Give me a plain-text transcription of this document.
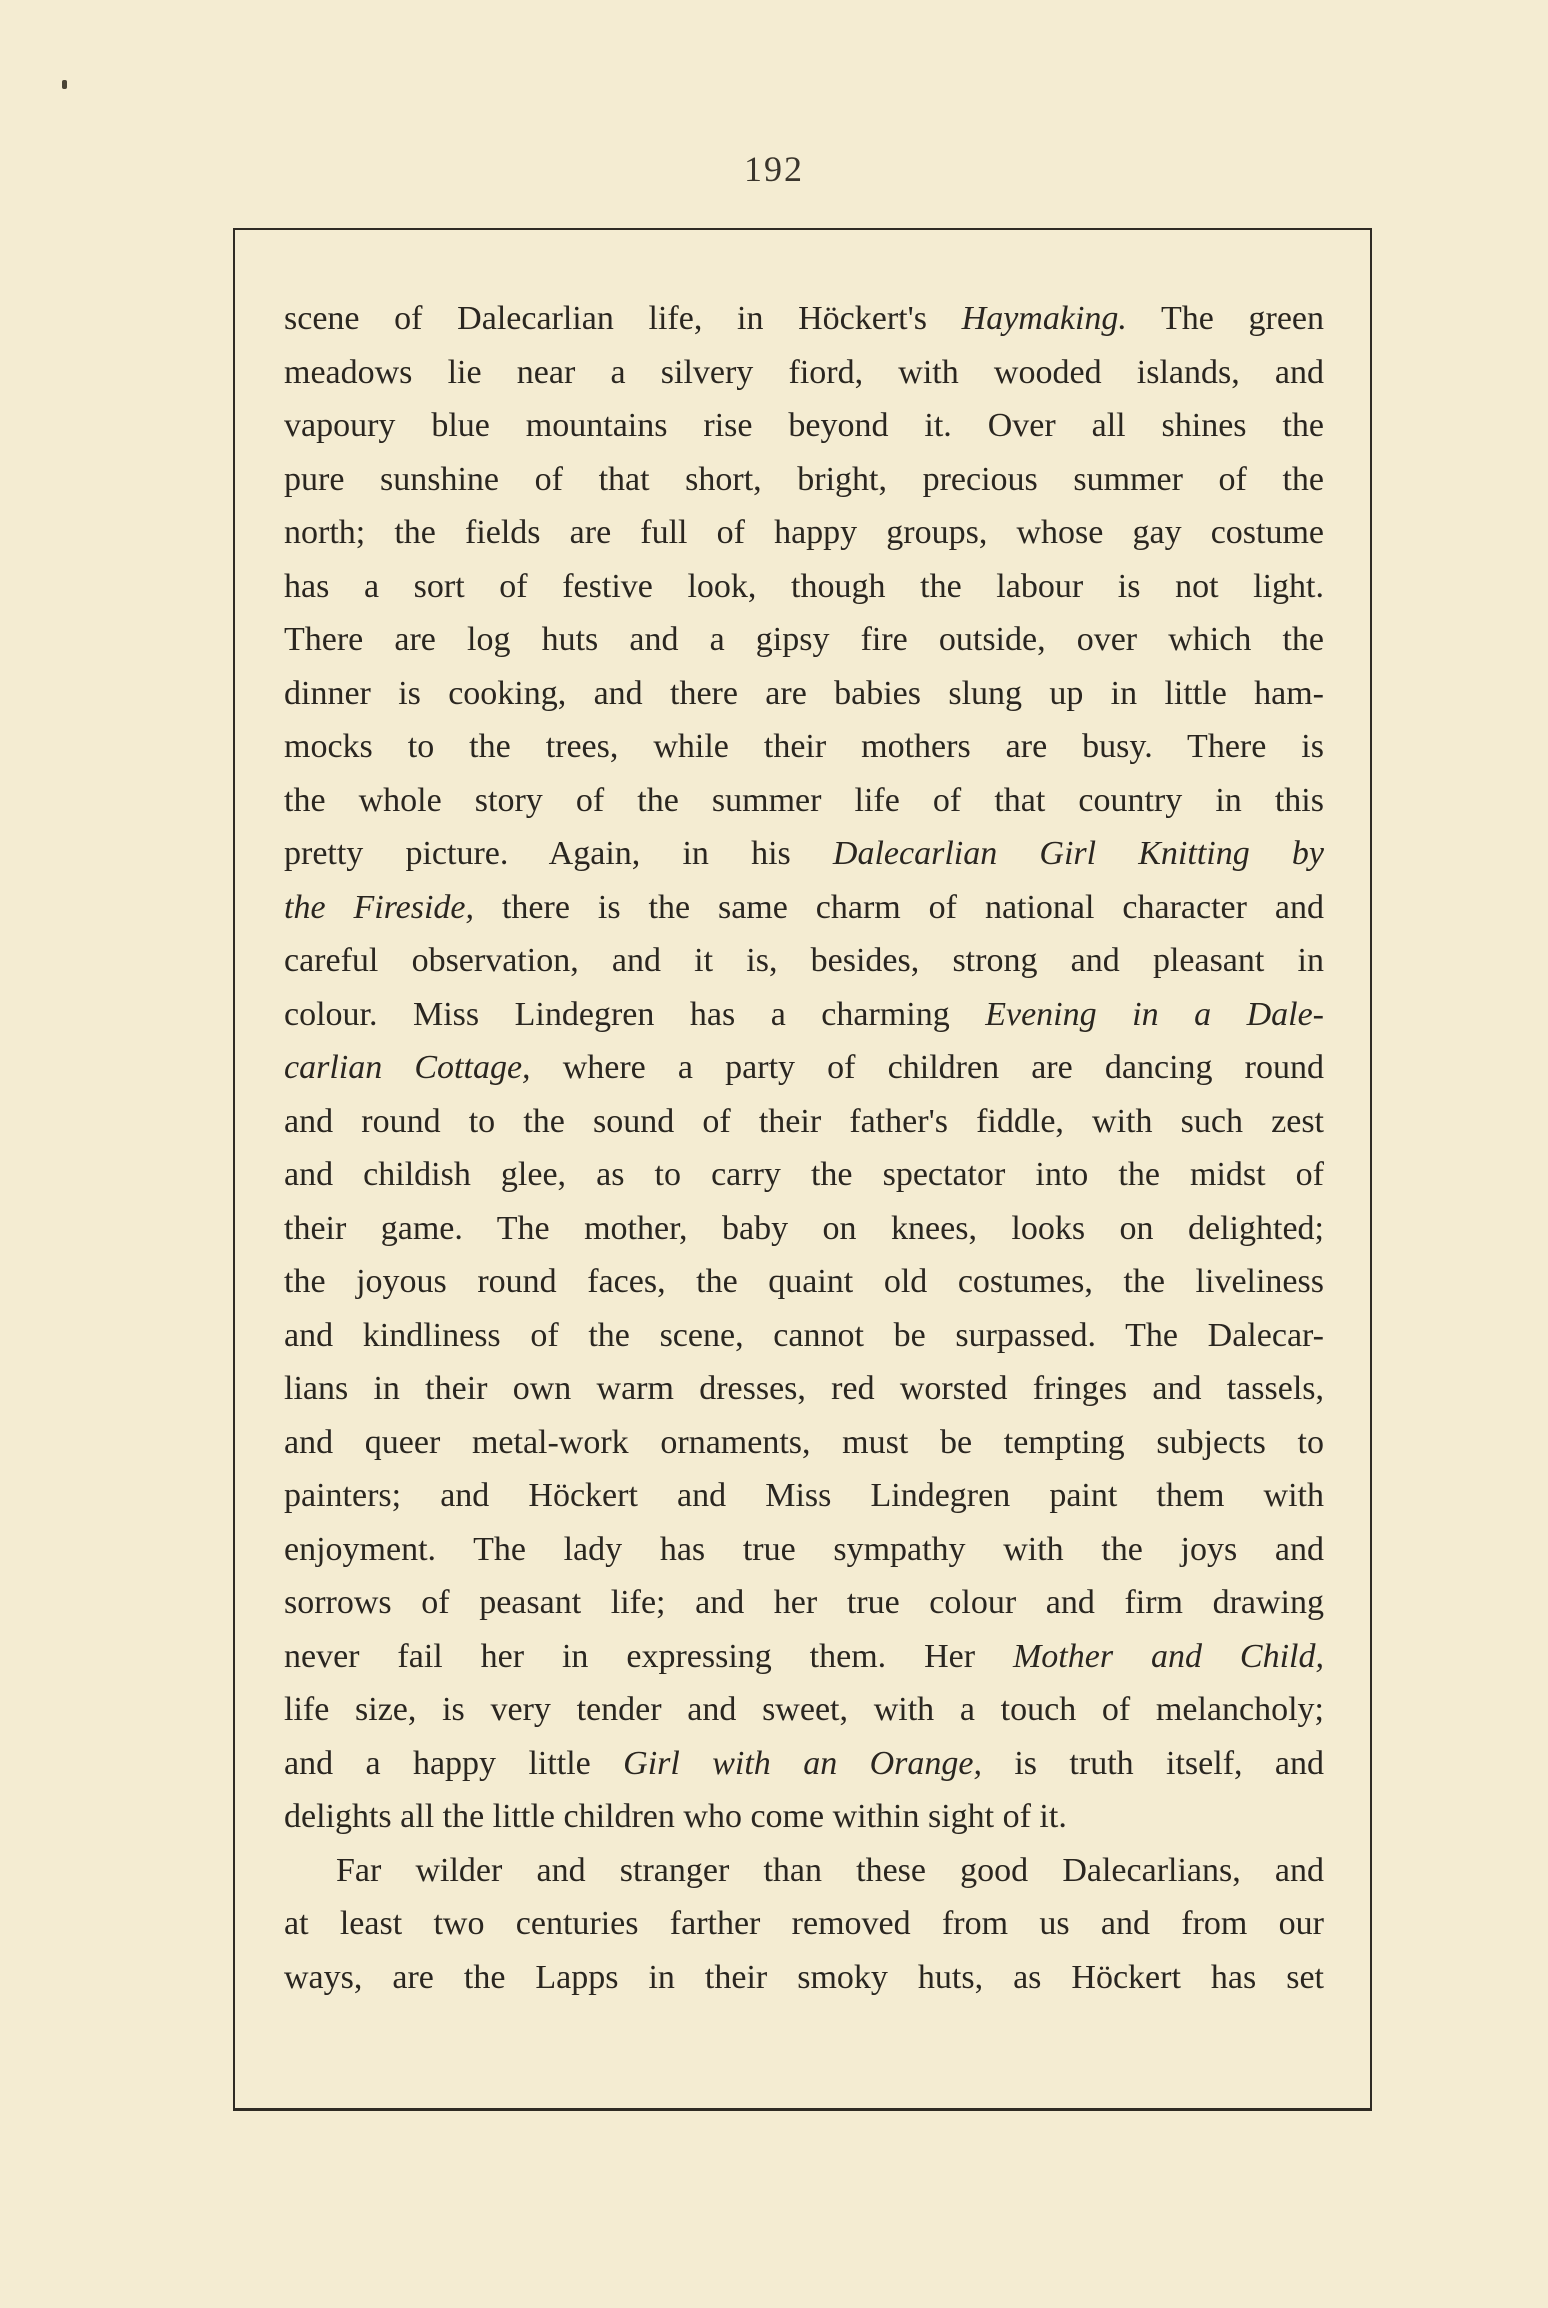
192
scene of Dalecarlian life, in Höckert's Haymaking. The green
meadows lie near a silvery fiord, with wooded islands, and
vapoury blue mountains rise beyond it. Over all shines the
pure sunshine of that short, bright, precious summer of the
north; the fields are full of happy groups, whose gay costume
has a sort of festive look, though the labour is not light.
There are log huts and a gipsy fire outside, over which the
dinner is cooking, and there are babies slung up in little ham-
mocks to the trees, while their mothers are busy. There is
the whole story of the summer life of that country in this
pretty picture. Again, in his Dalecarlian Girl Knitting by
the Fireside, there is the same charm of national character and
careful observation, and it is, besides, strong and pleasant in
colour. Miss Lindegren has a charming Evening in a Dale-
carlian Cottage, where a party of children are dancing round
and round to the sound of their father's fiddle, with such zest
and childish glee, as to carry the spectator into the midst of
their game. The mother, baby on knees, looks on delighted;
the joyous round faces, the quaint old costumes, the liveliness
and kindliness of the scene, cannot be surpassed. The Dalecar-
lians in their own warm dresses, red worsted fringes and tassels,
and queer metal-work ornaments, must be tempting subjects to
painters; and Höckert and Miss Lindegren paint them with
enjoyment. The lady has true sympathy with the joys and
sorrows of peasant life; and her true colour and firm drawing
never fail her in expressing them. Her Mother and Child,
life size, is very tender and sweet, with a touch of melancholy;
and a happy little Girl with an Orange, is truth itself, and
delights all the little children who come within sight of it.
Far wilder and stranger than these good Dalecarlians, and
at least two centuries farther removed from us and from our
ways, are the Lapps in their smoky huts, as Höckert has set
